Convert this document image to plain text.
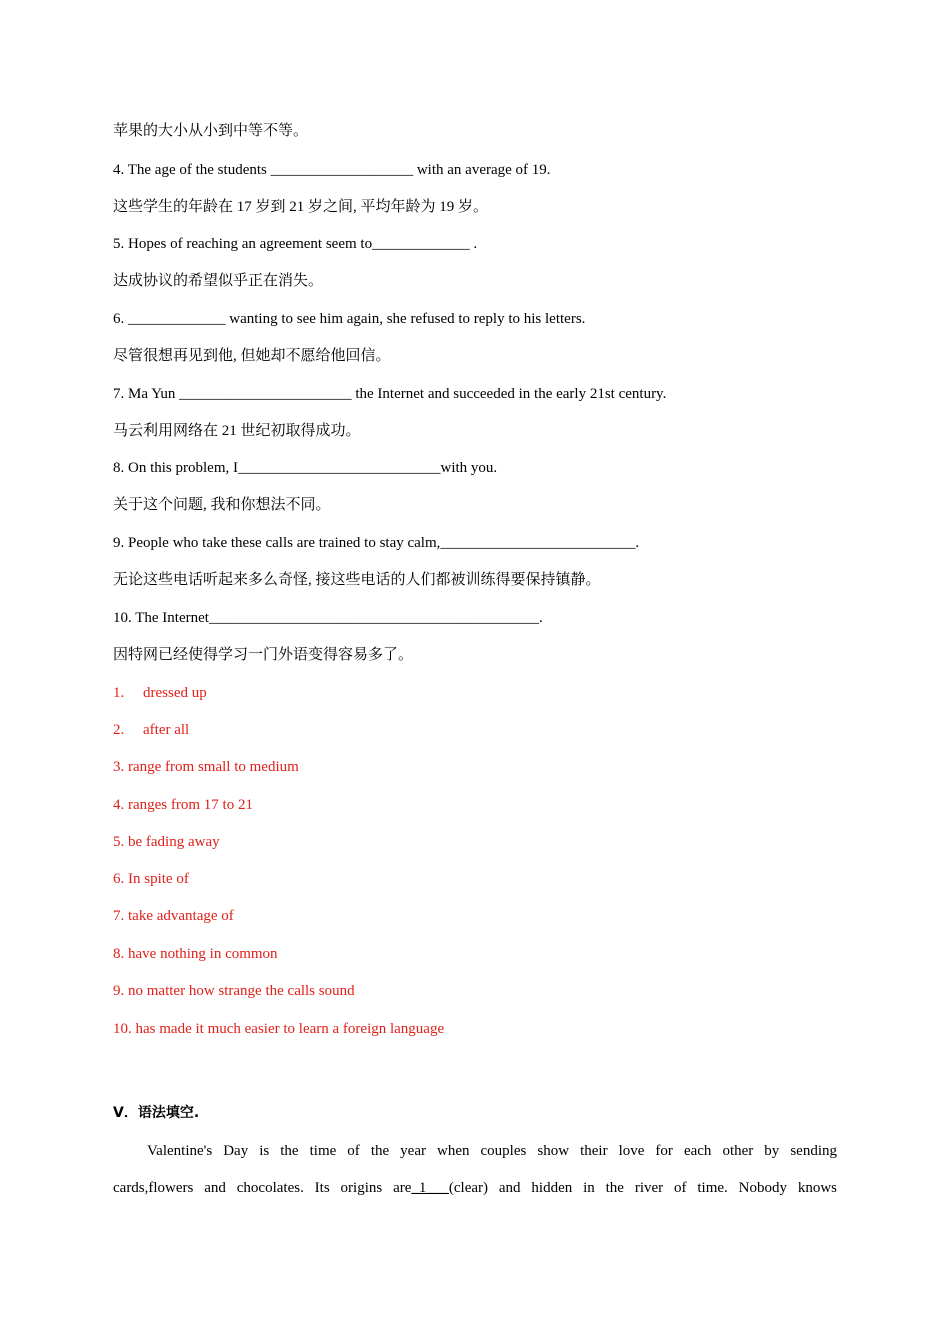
苹果的大小从小到中等不等。
4. The age of the students ___________________ with an average of 19.
这些学生的年龄在 17 岁到 21 岁之间, 平均年龄为 19 岁。
5. Hopes of reaching an agreement seem to_____________ .
达成协议的希望似乎正在消失。
6. _____________ wanting to see him again, she refused to reply to his letters.
尽管很想再见到他, 但她却不愿给他回信。
7. Ma Yun _______________________ the Internet and succeeded in the early 21st century.
马云利用网络在 21 世纪初取得成功。
8. On this problem, I___________________________with you.
关于这个问题, 我和你想法不同。
9. People who take these calls are trained to stay calm,__________________________.
无论这些电话听起来多么奇怪, 接这些电话的人们都被训练得要保持镇静。
10. The Internet____________________________________________.
因特网已经使得学习一门外语变得容易多了。
1. dressed up
2. after all
3. range from small to medium
4. ranges from 17 to 21
5. be fading away
6. In spite of
7. take advantage of
8. have nothing in common
9. no matter how strange the calls sound
10. has made it much easier to learn a foreign language
V．语法填空.
Valentine's Day is the time of the year when couples show their love for each other by sending
cards,flowers and chocolates. Its origins are_1___(clear) and hidden in the river of time. Nobody knows
